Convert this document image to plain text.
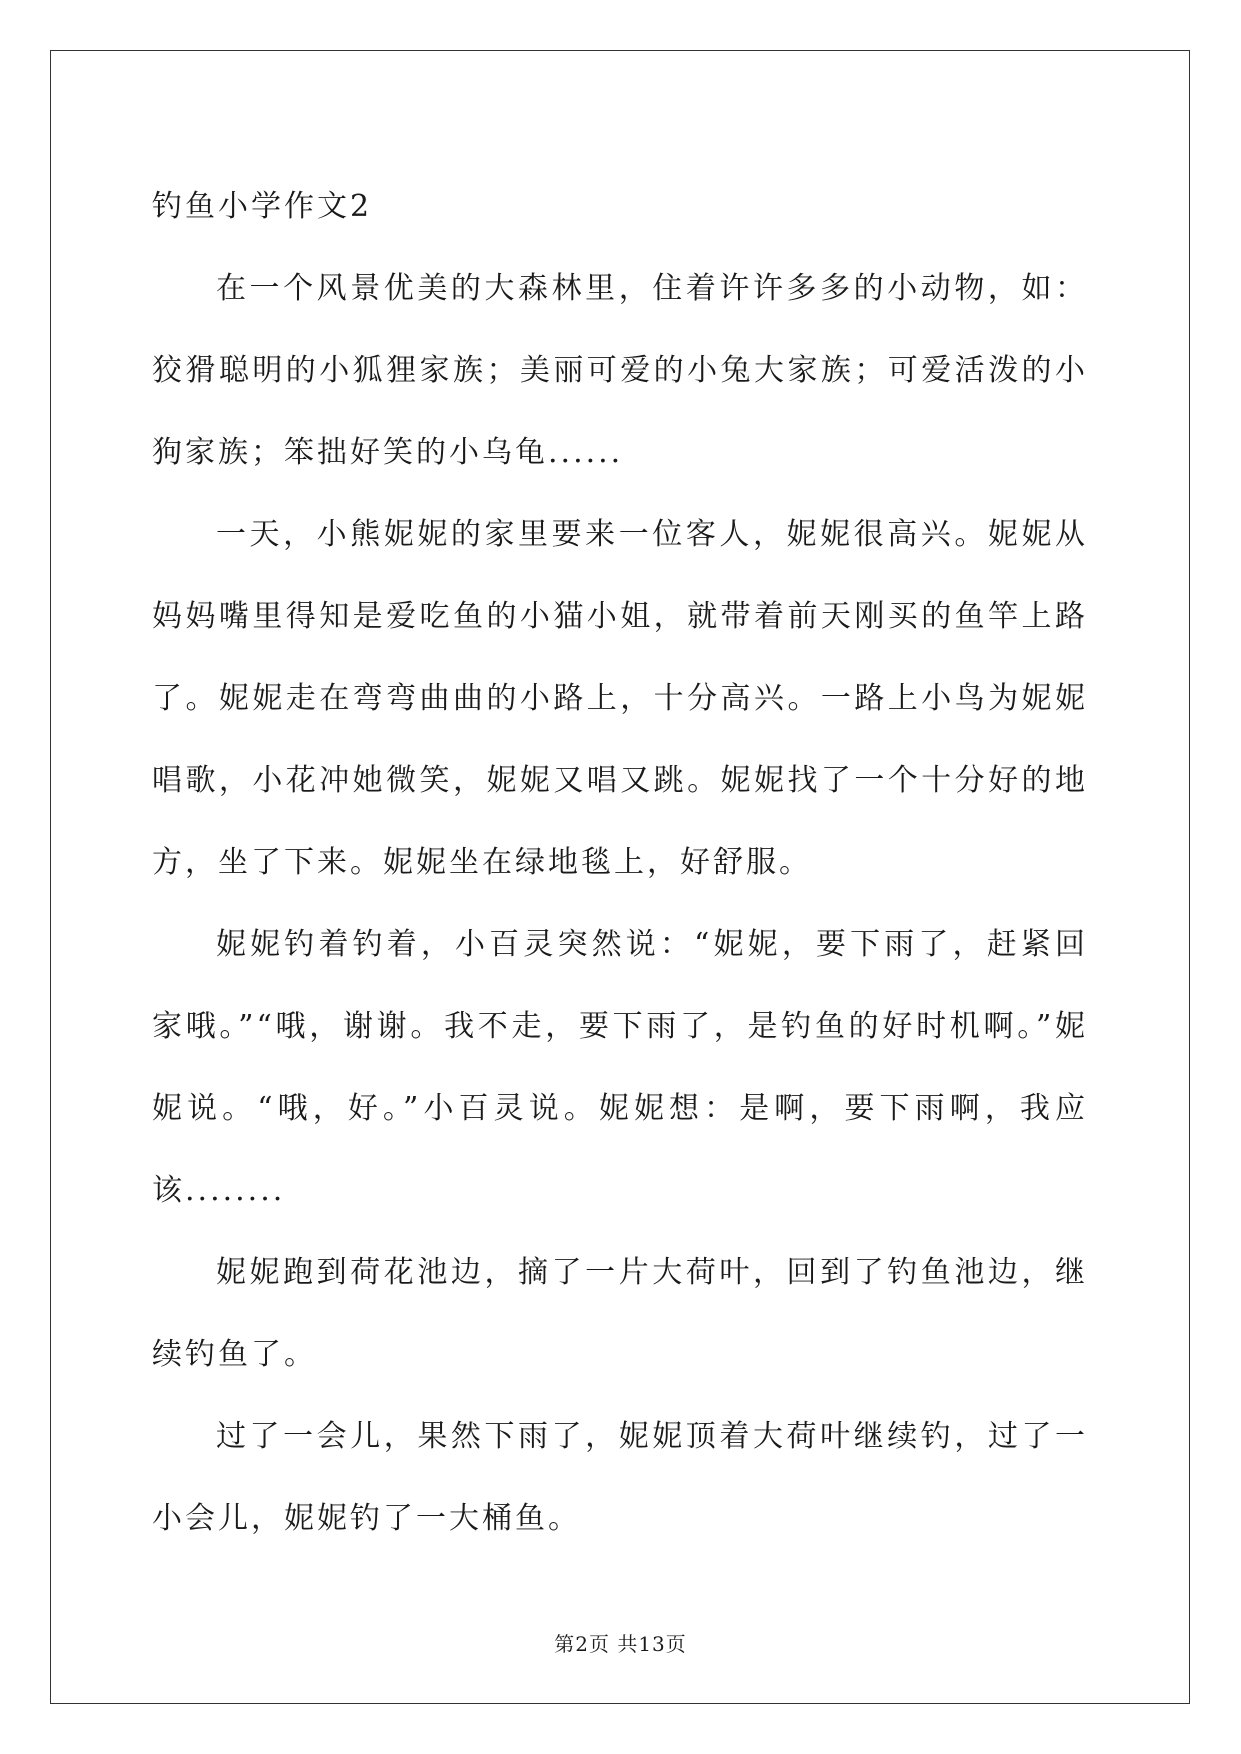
钓鱼小学作文2

在一个风景优美的大森林里，住着许许多多的小动物，如：狡猾聪明的小狐狸家族；美丽可爱的小兔大家族；可爱活泼的小狗家族；笨拙好笑的小乌龟......

一天，小熊妮妮的家里要来一位客人，妮妮很高兴。妮妮从妈妈嘴里得知是爱吃鱼的小猫小姐，就带着前天刚买的鱼竿上路了。妮妮走在弯弯曲曲的小路上，十分高兴。一路上小鸟为妮妮唱歌，小花冲她微笑，妮妮又唱又跳。妮妮找了一个十分好的地方，坐了下来。妮妮坐在绿地毯上，好舒服。

妮妮钓着钓着，小百灵突然说：“妮妮，要下雨了，赶紧回家哦。”“哦，谢谢。我不走，要下雨了，是钓鱼的好时机啊。”妮妮说。“哦，好。”小百灵说。妮妮想：是啊，要下雨啊，我应该........

妮妮跑到荷花池边，摘了一片大荷叶，回到了钓鱼池边，继续钓鱼了。

过了一会儿，果然下雨了，妮妮顶着大荷叶继续钓，过了一小会儿，妮妮钓了一大桶鱼。

第2页 共13页
